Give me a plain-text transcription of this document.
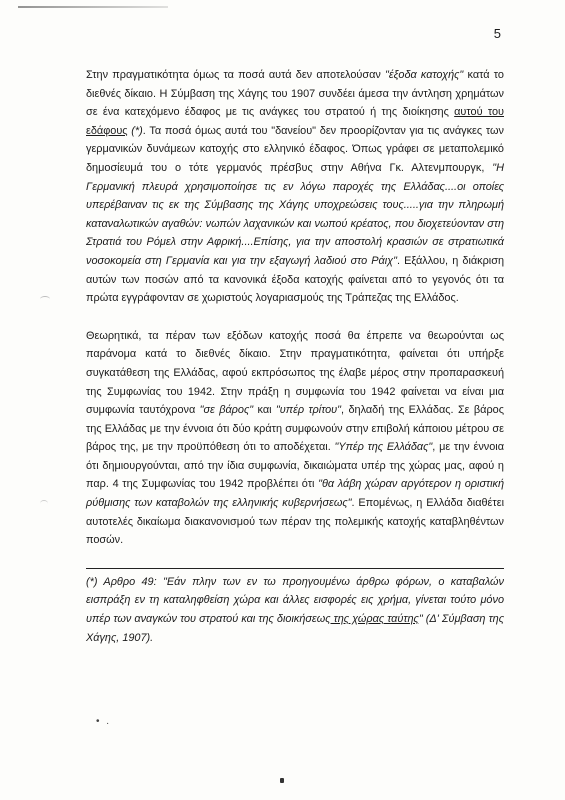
5

Στην πραγματικότητα όμως τα ποσά αυτά δεν αποτελούσαν "έξοδα κατοχής" κατά το διεθνές δίκαιο. Η Σύμβαση της Χάγης του 1907 συνδέει άμεσα την άντληση χρημάτων σε ένα κατεχόμενο έδαφος με τις ανάγκες του στρατού ή της διοίκησης αυτού του εδάφους (*). Τα ποσά όμως αυτά του "δανείου" δεν προορίζονταν για τις ανάγκες των γερμανικών δυνάμεων κατοχής στο ελληνικό έδαφος. Όπως γράφει σε μεταπολεμικό δημοσίευμά του ο τότε γερμανός πρέσβυς στην Αθήνα Γκ. Αλτενμπουργκ, "Η Γερμανική πλευρά χρησιμοποίησε τις εν λόγω παροχές της Ελλάδας....οι οποίες υπερέβαιναν τις εκ της Σύμβασης της Χάγης υποχρεώσεις τους.....για την πληρωμή καταναλωτικών αγαθών: νωπών λαχανικών και νωπού κρέατος, που διοχετεύονταν στη Στρατιά του Ρόμελ στην Αφρική....Επίσης, για την αποστολή κρασιών σε στρατιωτικά νοσοκομεία στη Γερμανία και για την εξαγωγή λαδιού στο Ράιχ". Εξάλλου, η διάκριση αυτών των ποσών από τα κανονικά έξοδα κατοχής φαίνεται από το γεγονός ότι τα πρώτα εγγράφονταν σε χωριστούς λογαριασμούς της Τράπεζας της Ελλάδος.

Θεωρητικά, τα πέραν των εξόδων κατοχής ποσά θα έπρεπε να θεωρούνται ως παράνομα κατά το διεθνές δίκαιο. Στην πραγματικότητα, φαίνεται ότι υπήρξε συγκατάθεση της Ελλάδας, αφού εκπρόσωπος της έλαβε μέρος στην προπαρασκευή της Συμφωνίας του 1942. Στην πράξη η συμφωνία του 1942 φαίνεται να είναι μια συμφωνία ταυτόχρονα "σε βάρος" και "υπέρ τρίτου", δηλαδή της Ελλάδας. Σε βάρος της Ελλάδας με την έννοια ότι δύο κράτη συμφωνούν στην επιβολή κάποιου μέτρου σε βάρος της, με την προϋπόθεση ότι το αποδέχεται. "Υπέρ της Ελλάδας", με την έννοια ότι δημιουργούνται, από την ίδια συμφωνία, δικαιώματα υπέρ της χώρας μας, αφού η παρ. 4 της Συμφωνίας του 1942 προβλέπει ότι "θα λάβη χώραν αργότερον η οριστική ρύθμισης των καταβολών της ελληνικής κυβερνήσεως". Επομένως, η Ελλάδα διαθέτει αυτοτελές δικαίωμα διακανονισμού των πέραν της πολεμικής κατοχής καταβληθέντων ποσών.

(*) Αρθρο 49: "Εάν πλην των εν τω προηγουμένω άρθρω φόρων, ο καταβαλών εισπράξη εν τη καταληφθείση χώρα και άλλες εισφορές εις χρήμα, γίνεται τούτο μόνο υπέρ των αναγκών του στρατού και της διοικήσεως της χώρας ταύτης" (Δ' Σύμβαση της Χάγης, 1907).
• .
